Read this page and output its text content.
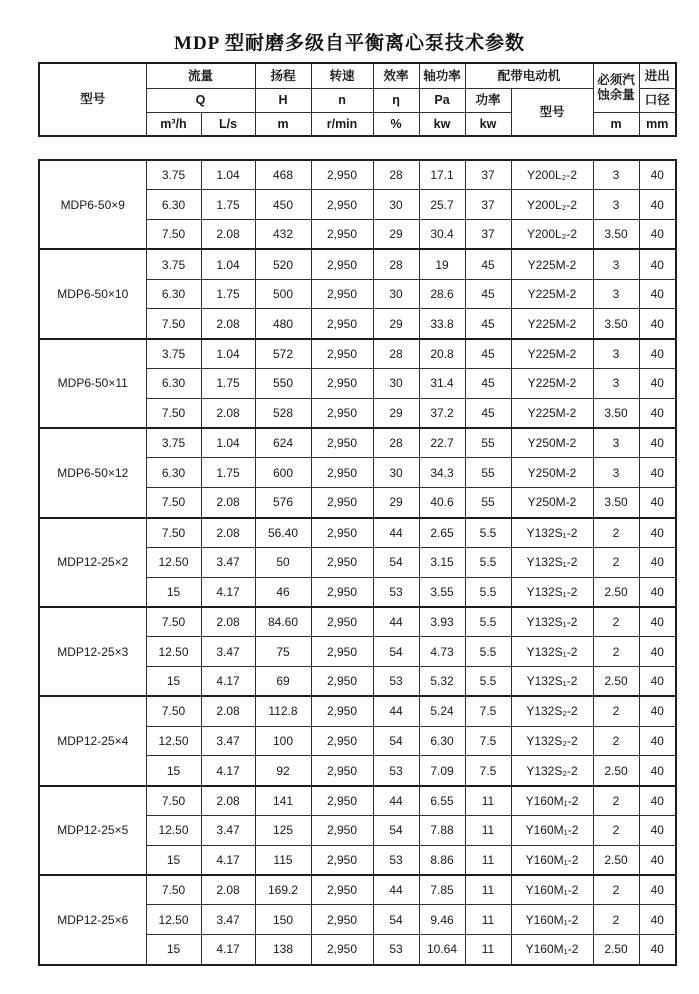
MDP 型耐磨多级自平衡离心泵技术参数
型号	流量		扬程	转速	效率	轴功率	配带电动机		必须汽蚀余量	进出
	Q		H	n	η	Pa	功率	型号		口径
	m³/h	L/s	m	r/min	%	kw	kw		m	mm
MDP6-50×9	3.75	1.04	468	2,950	28	17.1	37	Y200L₂-2	3	40
	6.30	1.75	450	2,950	30	25.7	37	Y200L₂-2	3	40
	7.50	2.08	432	2,950	29	30.4	37	Y200L₂-2	3.50	40
MDP6-50×10	3.75	1.04	520	2,950	28	19	45	Y225M-2	3	40
	6.30	1.75	500	2,950	30	28.6	45	Y225M-2	3	40
	7.50	2.08	480	2,950	29	33.8	45	Y225M-2	3.50	40
MDP6-50×11	3.75	1.04	572	2,950	28	20.8	45	Y225M-2	3	40
	6.30	1.75	550	2,950	30	31.4	45	Y225M-2	3	40
	7.50	2.08	528	2,950	29	37.2	45	Y225M-2	3.50	40
MDP6-50×12	3.75	1.04	624	2,950	28	22.7	55	Y250M-2	3	40
	6.30	1.75	600	2,950	30	34.3	55	Y250M-2	3	40
	7.50	2.08	576	2,950	29	40.6	55	Y250M-2	3.50	40
MDP12-25×2	7.50	2.08	56.40	2,950	44	2.65	5.5	Y132S₁-2	2	40
	12.50	3.47	50	2,950	54	3.15	5.5	Y132S₁-2	2	40
	15	4.17	46	2,950	53	3.55	5.5	Y132S₁-2	2.50	40
MDP12-25×3	7.50	2.08	84.60	2,950	44	3.93	5.5	Y132S₁-2	2	40
	12.50	3.47	75	2,950	54	4.73	5.5	Y132S₁-2	2	40
	15	4.17	69	2,950	53	5.32	5.5	Y132S₁-2	2.50	40
MDP12-25×4	7.50	2.08	112.8	2,950	44	5.24	7.5	Y132S₂-2	2	40
	12.50	3.47	100	2,950	54	6.30	7.5	Y132S₂-2	2	40
	15	4.17	92	2,950	53	7.09	7.5	Y132S₂-2	2.50	40
MDP12-25×5	7.50	2.08	141	2,950	44	6.55	11	Y160M₁-2	2	40
	12.50	3.47	125	2,950	54	7.88	11	Y160M₁-2	2	40
	15	4.17	115	2,950	53	8.86	11	Y160M₁-2	2.50	40
MDP12-25×6	7.50	2.08	169.2	2,950	44	7.85	11	Y160M₁-2	2	40
	12.50	3.47	150	2,950	54	9.46	11	Y160M₁-2	2	40
	15	4.17	138	2,950	53	10.64	11	Y160M₁-2	2.50	40
